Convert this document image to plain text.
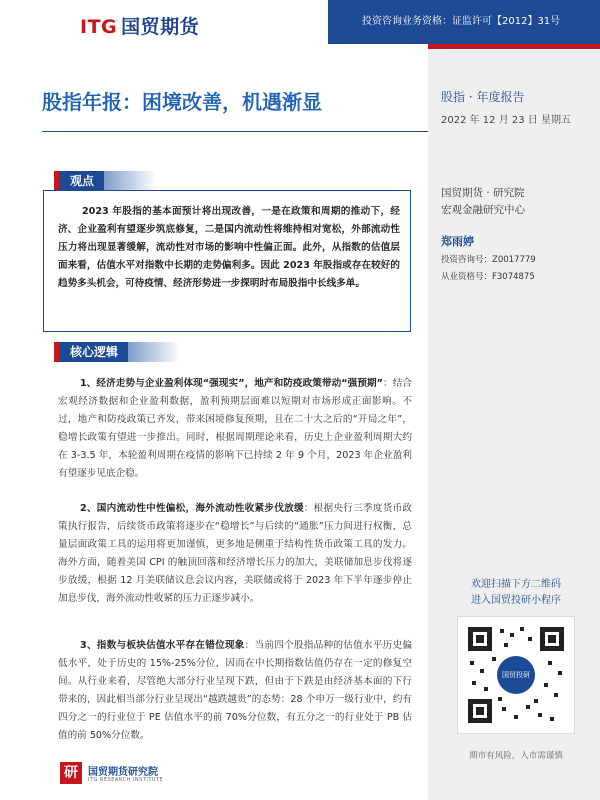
ITG 国贸期货	投资咨询业务资格：证监许可【2012】31号
股指 · 年度报告
2022 年 12 月 23 日 星期五
国贸期货 · 研究院
宏观金融研究中心
郑雨婷
投资咨询号：Z0017779
从业资格号：F3074875
欢迎扫描下方二维码
进入国贸投研小程序
国贸投研
期市有风险，入市需谨慎
股指年报：困境改善，机遇渐显
观点
2023 年股指的基本面预计将出现改善，一是在政策和周期的推动下，经济、企业盈利有望逐步筑底修复，二是国内流动性将维持相对宽松，外部流动性压力将出现显著缓解，流动性对市场的影响中性偏正面。此外，从指数的估值层面来看，估值水平对指数中长期的走势偏利多。因此 2023 年股指或存在较好的趋势多头机会，可待疫情、经济形势进一步探明时布局股指中长线多单。
核心逻辑
1、经济走势与企业盈利体现“强现实”，地产和防疫政策带动“强预期”：结合宏观经济数据和企业盈利数据，盈利预期层面难以短期对市场形成正面影响。不过，地产和防疫政策已齐发，带来困境修复预期，且在二十大之后的“开局之年”，稳增长政策有望进一步推出。同时，根据周期理论来看，历史上企业盈利周期大约在 3-3.5 年，本轮盈利周期在疫情的影响下已持续 2 年 9 个月，2023 年企业盈利有望逐步见底企稳。
2、国内流动性中性偏松，海外流动性收紧步伐放缓：根据央行三季度货币政策执行报告，后续货币政策将逐步在“稳增长”与后续的“通胀”压力间进行权衡，总量层面政策工具的运用将更加谨慎，更多地是侧重于结构性货币政策工具的发力。海外方面，随着美国 CPI 的触顶回落和经济增长压力的加大，美联储加息步伐将逐步放缓，根据 12 月美联储议息会议内容，美联储或将于 2023 年下半年逐步停止加息步伐，海外流动性收紧的压力正逐步减小。
3、指数与板块估值水平存在错位现象：当前四个股指品种的估值水平历史偏低水平，处于历史的 15%-25%分位，因而在中长期指数估值仍存在一定的修复空间。从行业来看，尽管绝大部分行业呈现下跌，但由于下跌是由经济基本面的下行带来的，因此相当部分行业呈现出“越跌越贵”的态势：28 个申万一级行业中，约有四分之一的行业位于 PE 估值水平的前 70%分位数，有五分之一的行业处于 PB 估值的前 50%分位数。
研	国贸期货研究院
ITG RESEARCH INSTITUTE
